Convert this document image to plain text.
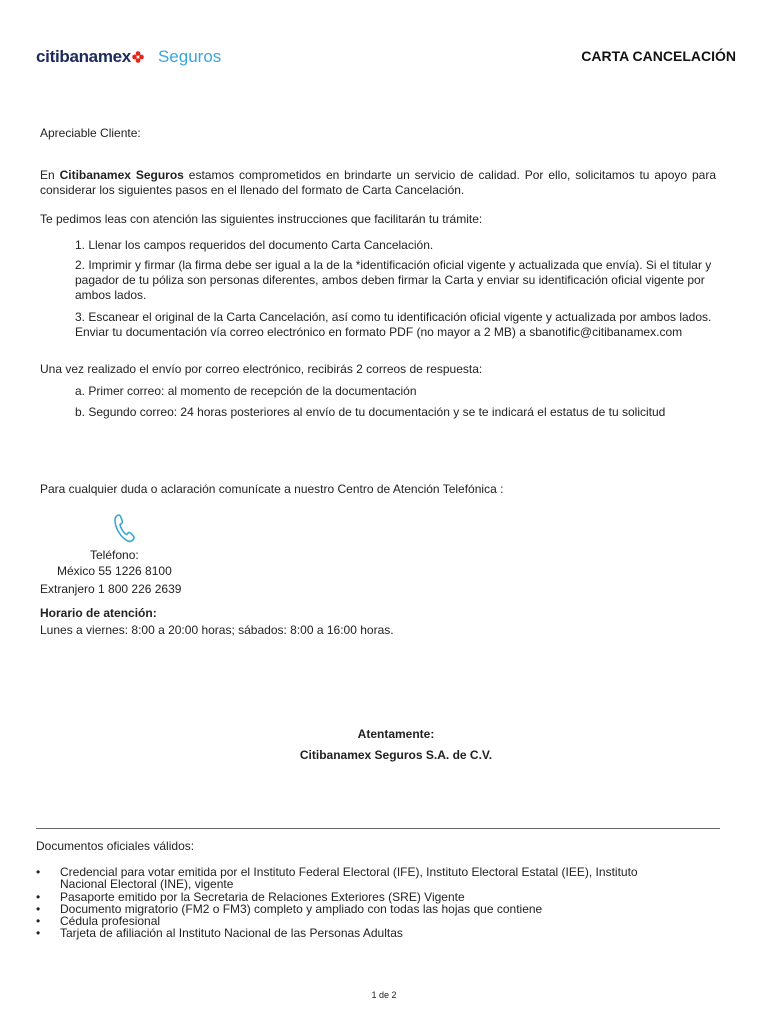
citibanamex Seguros	CARTA CANCELACIÓN
Apreciable Cliente:
En Citibanamex Seguros estamos comprometidos en brindarte un servicio de calidad. Por ello, solicitamos tu apoyo para considerar los siguientes pasos en el llenado del formato de Carta Cancelación.
Te pedimos leas con atención las siguientes instrucciones que facilitarán tu trámite:
1. Llenar los campos requeridos del documento Carta Cancelación.
2. Imprimir y firmar (la firma debe ser igual a la de la *identificación oficial vigente y actualizada que envía). Si el titular y pagador de tu póliza son personas diferentes, ambos deben firmar la Carta y enviar su identificación oficial vigente por ambos lados.
3. Escanear el original de la Carta Cancelación, así como tu identificación oficial vigente y actualizada por ambos lados. Enviar tu documentación vía correo electrónico en formato PDF (no mayor a 2 MB) a sbanotific@citibanamex.com
Una vez realizado el envío por correo electrónico, recibirás 2 correos de respuesta:
a. Primer correo: al momento de recepción de la documentación
b. Segundo correo: 24 horas posteriores al envío de tu documentación y se te indicará el estatus de tu solicitud
Para cualquier duda o aclaración comunícate a nuestro Centro de Atención Telefónica :
Teléfono:
México 55 1226 8100
Extranjero 1 800 226 2639
Horario de atención:
Lunes a viernes: 8:00 a 20:00 horas; sábados: 8:00 a 16:00 horas.
Atentamente:
Citibanamex Seguros S.A. de C.V.
Documentos oficiales válidos:
• Credencial para votar emitida por el Instituto Federal Electoral (IFE), Instituto Electoral Estatal (IEE), Instituto Nacional Electoral (INE), vigente
• Pasaporte emitido por la Secretaria de Relaciones Exteriores (SRE) Vigente
• Documento migratorio (FM2 o FM3) completo y ampliado con todas las hojas que contiene
• Cédula profesional
• Tarjeta de afiliación al Instituto Nacional de las Personas Adultas
1 de 2
